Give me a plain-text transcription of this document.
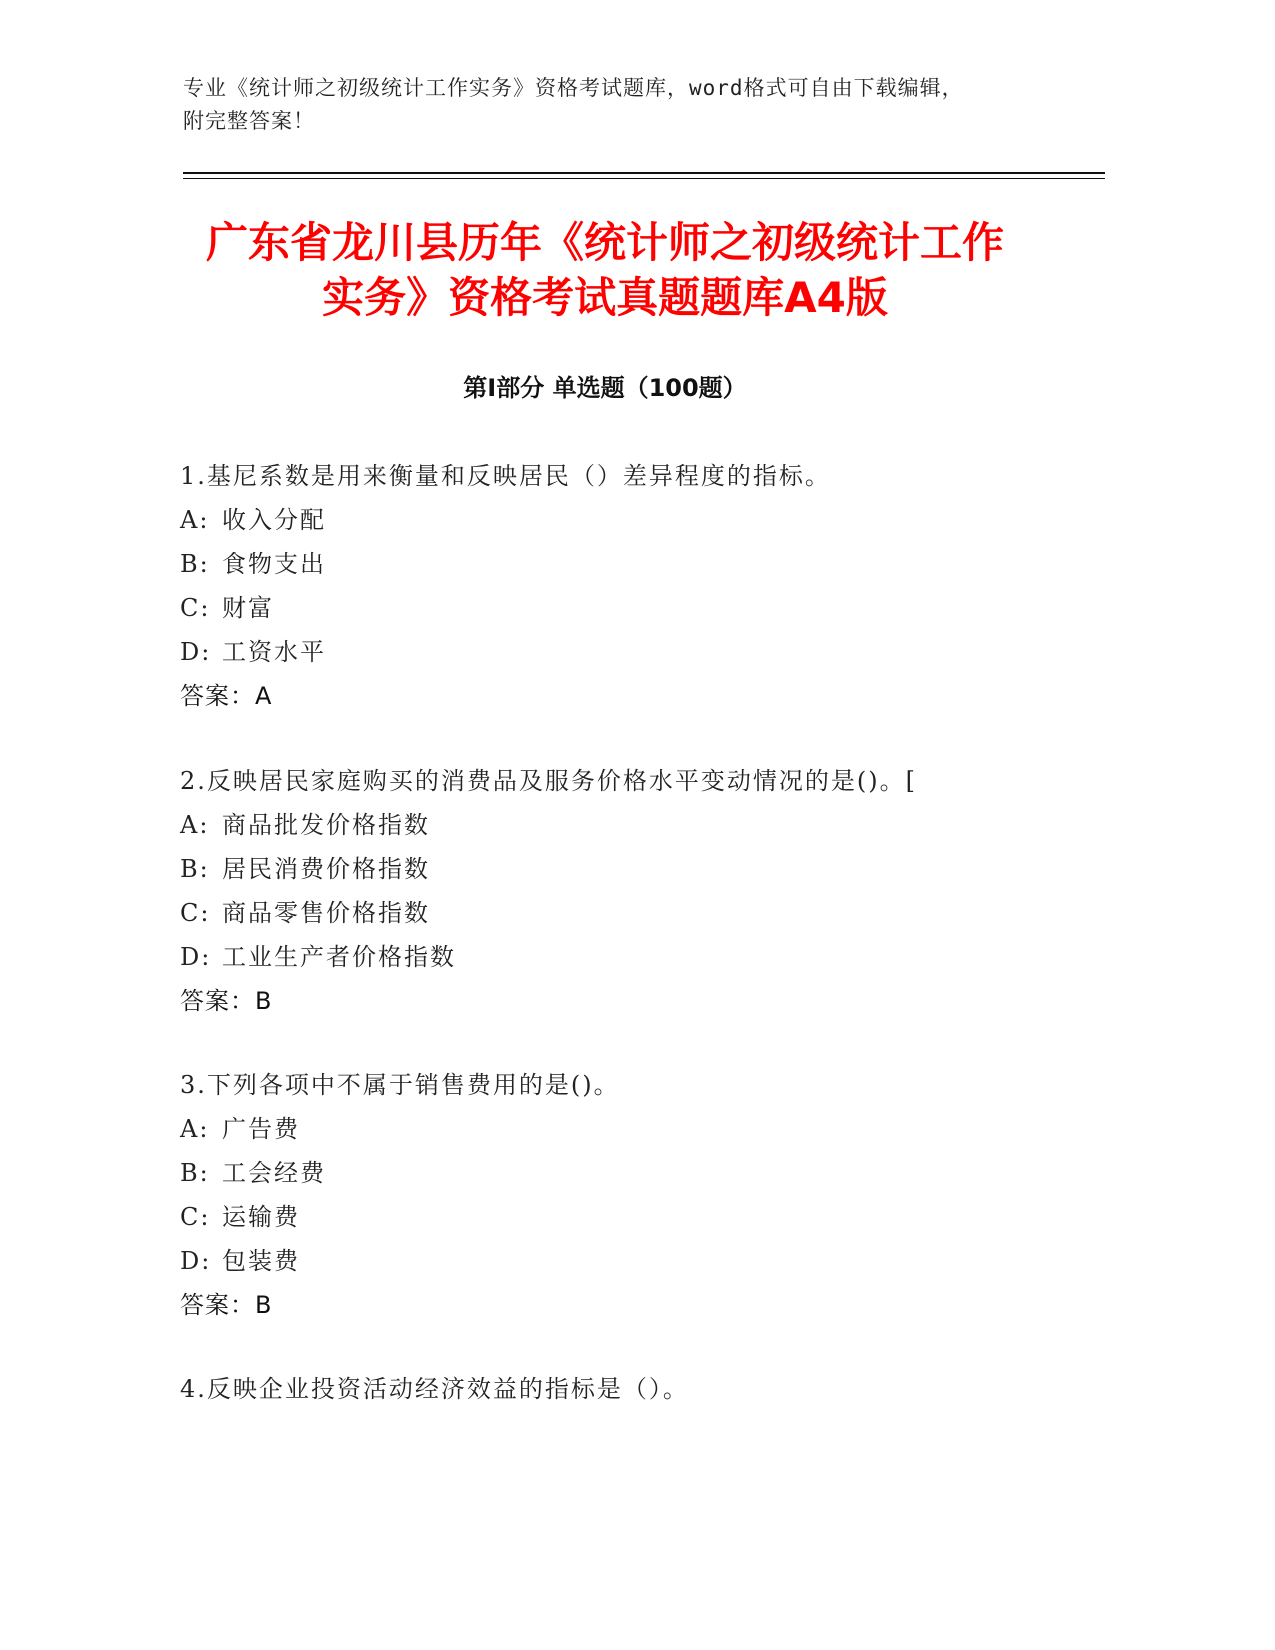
专业《统计师之初级统计工作实务》资格考试题库，word格式可自由下载编辑，
附完整答案！
广东省龙川县历年《统计师之初级统计工作
实务》资格考试真题题库A4版
第Ⅰ部分 单选题（100题）
1.基尼系数是用来衡量和反映居民（）差异程度的指标。
A: 收入分配
B: 食物支出
C: 财富
D: 工资水平
答案：A
2.反映居民家庭购买的消费品及服务价格水平变动情况的是()。[
A: 商品批发价格指数
B: 居民消费价格指数
C: 商品零售价格指数
D: 工业生产者价格指数
答案：B
3.下列各项中不属于销售费用的是()。
A: 广告费
B: 工会经费
C: 运输费
D: 包装费
答案：B
4.反映企业投资活动经济效益的指标是（）。
